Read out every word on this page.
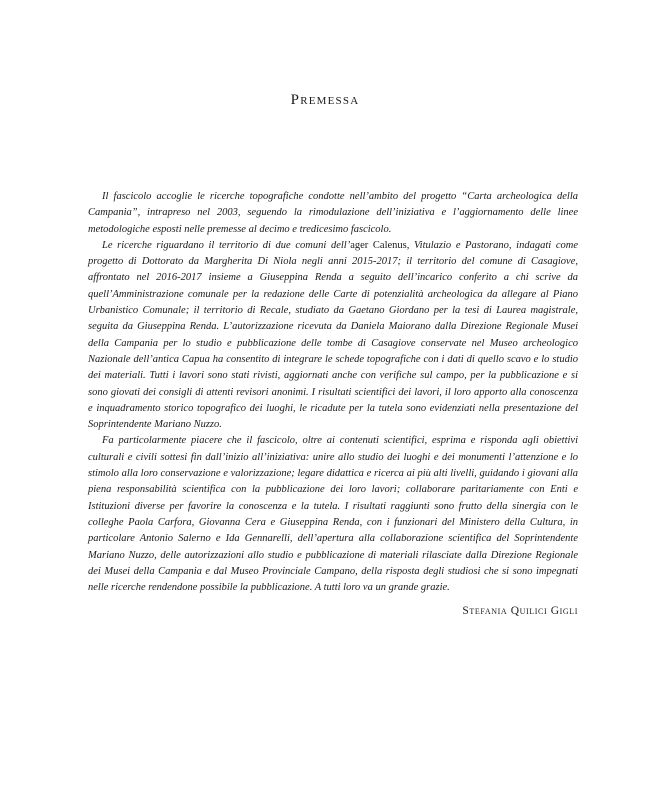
Premessa

Il fascicolo accoglie le ricerche topografiche condotte nell’ambito del progetto “Carta archeologica della Campania”, intrapreso nel 2003, seguendo la rimodulazione dell’iniziativa e l’aggiornamento delle linee metodologiche esposti nelle premesse al decimo e tredicesimo fascicolo.

Le ricerche riguardano il territorio di due comuni dell’ager Calenus, Vitulazio e Pastorano, indagati come progetto di Dottorato da Margherita Di Niola negli anni 2015-2017; il territorio del comune di Casagiove, affrontato nel 2016-2017 insieme a Giuseppina Renda a seguito dell’incarico conferito a chi scrive da quell’Amministrazione comunale per la redazione delle Carte di potenzialità archeologica da allegare al Piano Urbanistico Comunale; il territorio di Recale, studiato da Gaetano Giordano per la tesi di Laurea magistrale, seguita da Giuseppina Renda. L’autorizzazione ricevuta da Daniela Maiorano dalla Direzione Regionale Musei della Campania per lo studio e pubblicazione delle tombe di Casagiove conservate nel Museo archeologico Nazionale dell’antica Capua ha consentito di integrare le schede topografiche con i dati di quello scavo e lo studio dei materiali. Tutti i lavori sono stati rivisti, aggiornati anche con verifiche sul campo, per la pubblicazione e si sono giovati dei consigli di attenti revisori anonimi. I risultati scientifici dei lavori, il loro apporto alla conoscenza e inquadramento storico topografico dei luoghi, le ricadute per la tutela sono evidenziati nella presentazione del Soprintendente Mariano Nuzzo.

Fa particolarmente piacere che il fascicolo, oltre ai contenuti scientifici, esprima e risponda agli obiettivi culturali e civili sottesi fin dall’inizio all’iniziativa: unire allo studio dei luoghi e dei monumenti l’attenzione e lo stimolo alla loro conservazione e valorizzazione; legare didattica e ricerca ai più alti livelli, guidando i giovani alla piena responsabilità scientifica con la pubblicazione dei loro lavori; collaborare paritariamente con Enti e Istituzioni diverse per favorire la conoscenza e la tutela. I risultati raggiunti sono frutto della sinergia con le colleghe Paola Carfora, Giovanna Cera e Giuseppina Renda, con i funzionari del Ministero della Cultura, in particolare Antonio Salerno e Ida Gennarelli, dell’apertura alla collaborazione scientifica del Soprintendente Mariano Nuzzo, delle autorizzazioni allo studio e pubblicazione di materiali rilasciate dalla Direzione Regionale dei Musei della Campania e dal Museo Provinciale Campano, della risposta degli studiosi che si sono impegnati nelle ricerche rendendone possibile la pubblicazione. A tutti loro va un grande grazie.

Stefania Quilici Gigli
